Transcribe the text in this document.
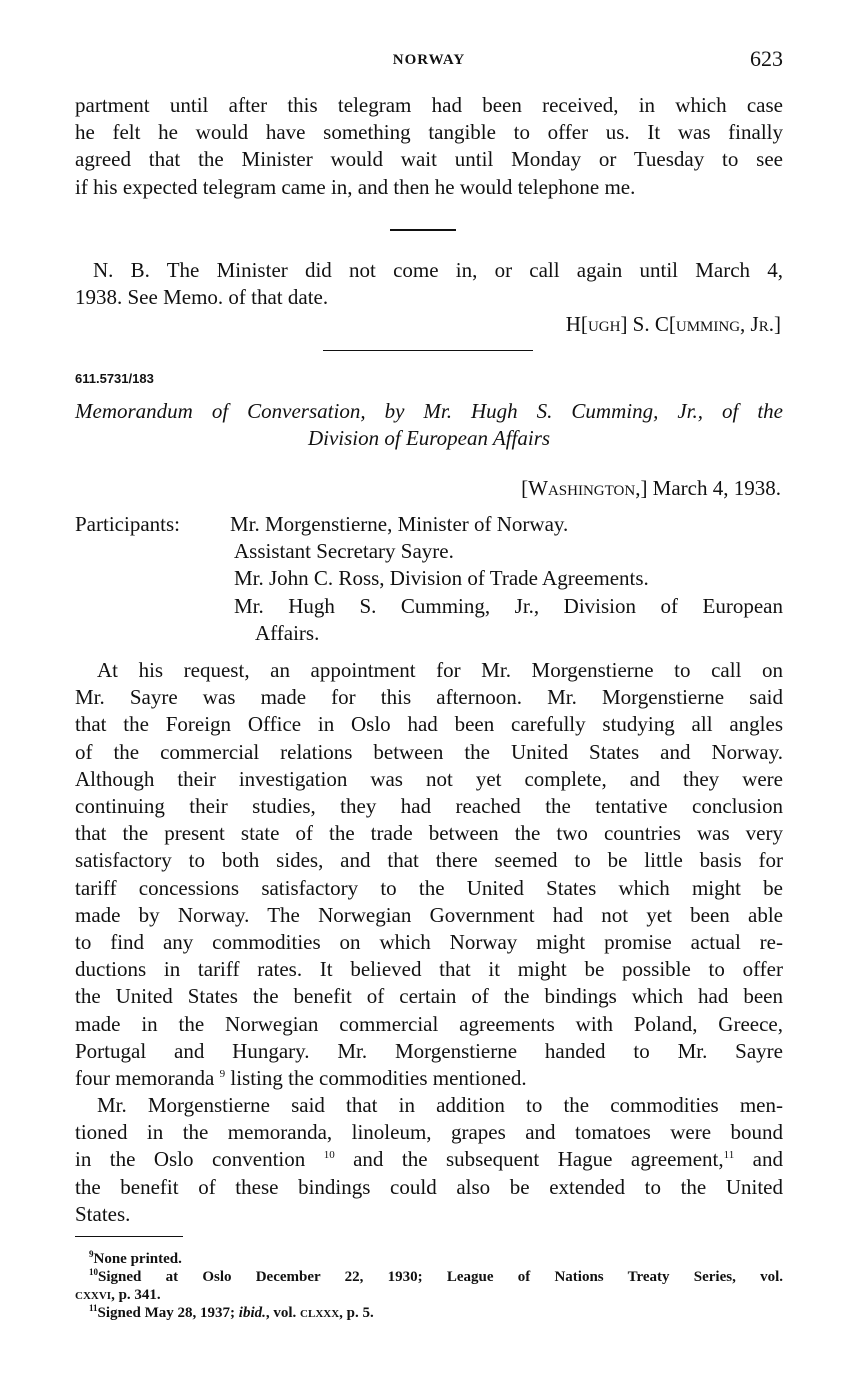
NORWAY	623
partment until after this telegram had been received, in which case
he felt he would have something tangible to offer us. It was finally
agreed that the Minister would wait until Monday or Tuesday to see
if his expected telegram came in, and then he would telephone me.
N. B. The Minister did not come in, or call again until March 4,
1938. See Memo. of that date.
H[ugh] S. C[umming, Jr.]
611.5731/183
Memorandum of Conversation, by Mr. Hugh S. Cumming, Jr., of the
Division of European Affairs
[Washington,] March 4, 1938.
Participants: Mr. Morgenstierne, Minister of Norway.
Assistant Secretary Sayre.
Mr. John C. Ross, Division of Trade Agreements.
Mr. Hugh S. Cumming, Jr., Division of European
Affairs.
At his request, an appointment for Mr. Morgenstierne to call on
Mr. Sayre was made for this afternoon. Mr. Morgenstierne said
that the Foreign Office in Oslo had been carefully studying all angles
of the commercial relations between the United States and Norway.
Although their investigation was not yet complete, and they were
continuing their studies, they had reached the tentative conclusion
that the present state of the trade between the two countries was very
satisfactory to both sides, and that there seemed to be little basis for
tariff concessions satisfactory to the United States which might be
made by Norway. The Norwegian Government had not yet been able
to find any commodities on which Norway might promise actual re-
ductions in tariff rates. It believed that it might be possible to offer
the United States the benefit of certain of the bindings which had been
made in the Norwegian commercial agreements with Poland, Greece,
Portugal and Hungary. Mr. Morgenstierne handed to Mr. Sayre
four memoranda $^9$ listing the commodities mentioned.
Mr. Morgenstierne said that in addition to the commodities men-
tioned in the memoranda, linoleum, grapes and tomatoes were bound
in the Oslo convention $^{10}$ and the subsequent Hague agreement,$^{11}$ and
the benefit of these bindings could also be extended to the United
States.
$^9$None printed.
$^{10}$Signed at Oslo December 22, 1930; League of Nations Treaty Series, vol.
cxxvi, p. 341.
$^{11}$Signed May 28, 1937; ibid., vol. clxxx, p. 5.
